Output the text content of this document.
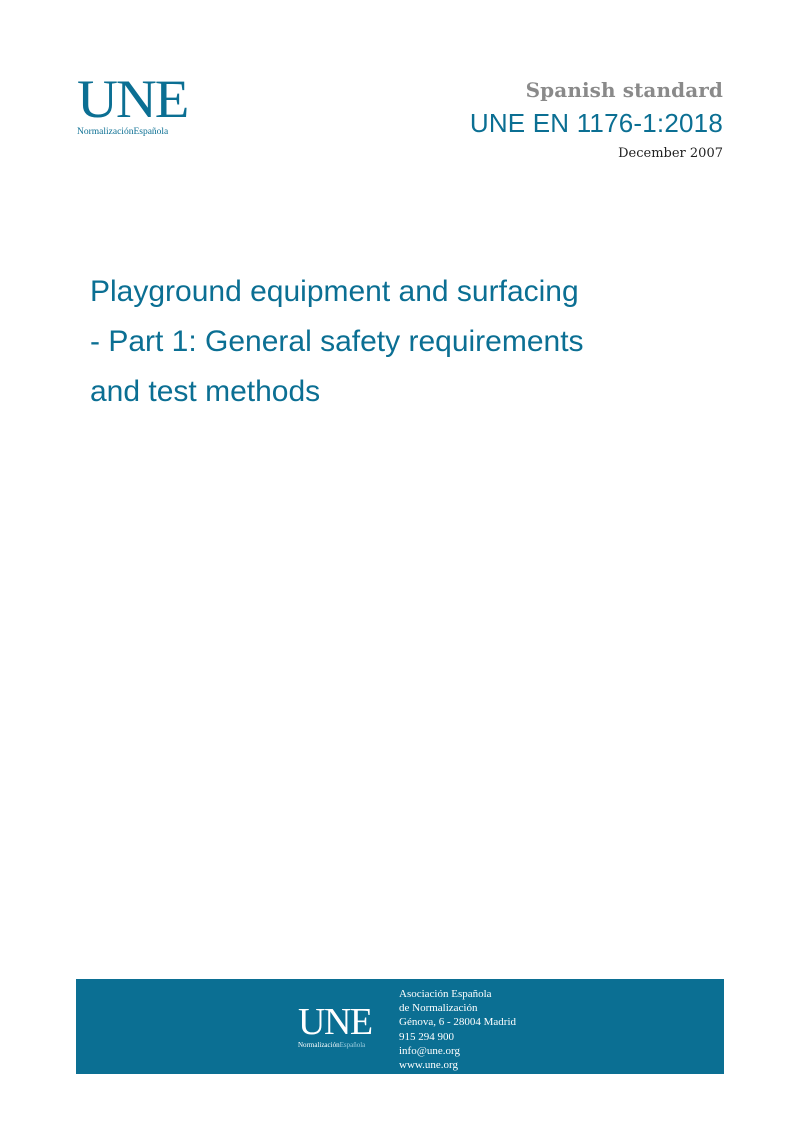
UNE
NormalizaciónEspañola
Spanish standard
UNE EN 1176-1:2018
December 2007
Playground equipment and surfacing
- Part 1: General safety requirements
and test methods
UNE
NormalizaciónEspañola
Asociación Española
de Normalización
Génova, 6 - 28004 Madrid
915 294 900
info@une.org
www.une.org
